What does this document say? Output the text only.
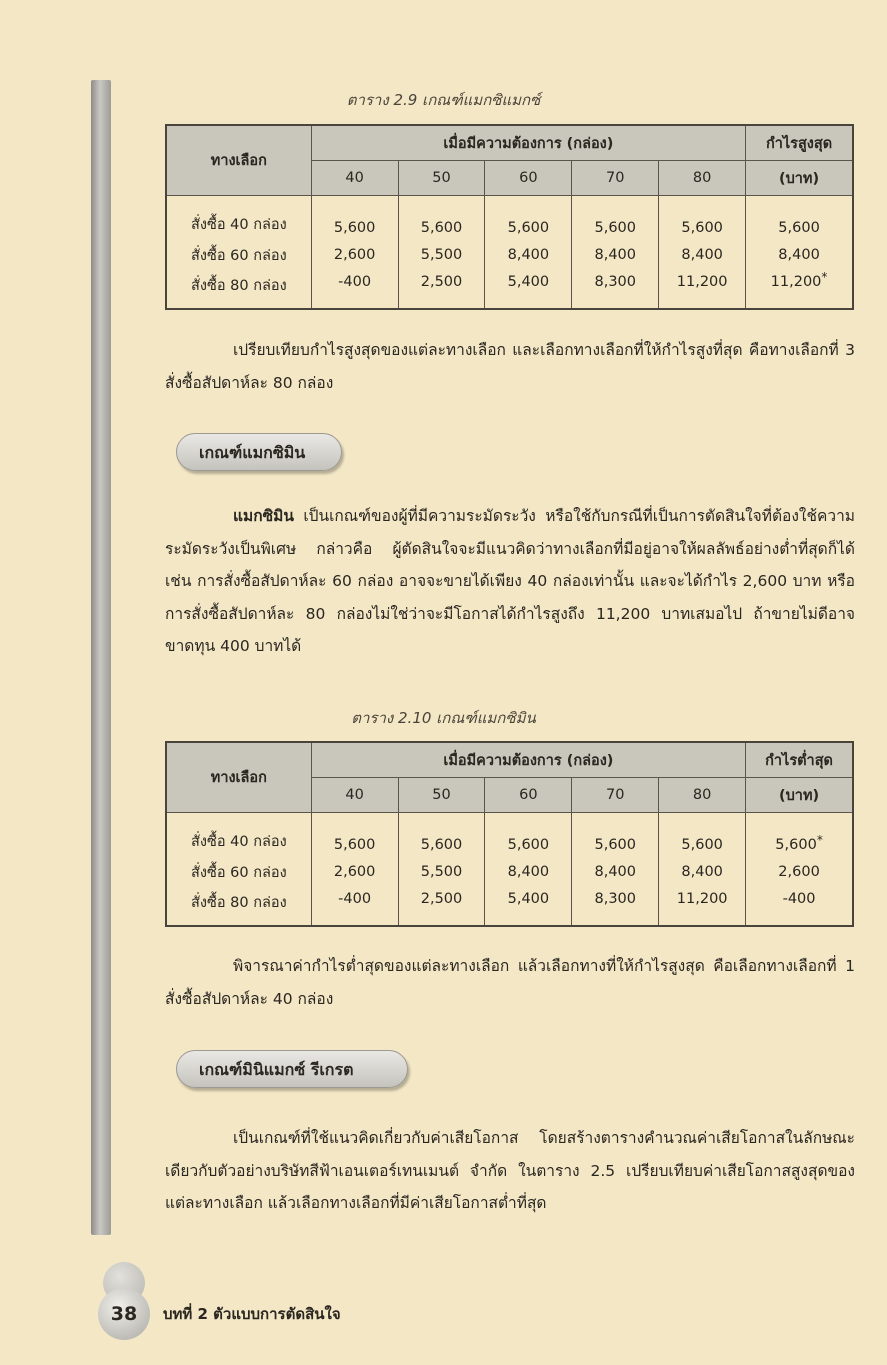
ตาราง 2.9 เกณฑ์แมกซิแมกซ์
ทางเลือก	เมื่อมีความต้องการ (กล่อง)					กำไรสูงสุด
	40	50	60	70	80	(บาท)
สั่งซื้อ 40 กล่อง	5,600	5,600	5,600	5,600	5,600	5,600
สั่งซื้อ 60 กล่อง	2,600	5,500	8,400	8,400	8,400	8,400
สั่งซื้อ 80 กล่อง	-400	2,500	5,400	8,300	11,200	11,200*
เปรียบเทียบกำไรสูงสุดของแต่ละทางเลือก และเลือกทางเลือกที่ให้กำไรสูงที่สุด คือทางเลือกที่ 3 สั่งซื้อสัปดาห์ละ 80 กล่อง
เกณฑ์แมกซิมิน
แมกซิมิน เป็นเกณฑ์ของผู้ที่มีความระมัดระวัง หรือใช้กับกรณีที่เป็นการตัดสินใจที่ต้องใช้ความระมัดระวังเป็นพิเศษ กล่าวคือ ผู้ตัดสินใจจะมีแนวคิดว่าทางเลือกที่มีอยู่อาจให้ผลลัพธ์อย่างต่ำที่สุดก็ได้ เช่น การสั่งซื้อสัปดาห์ละ 60 กล่อง อาจจะขายได้เพียง 40 กล่องเท่านั้น และจะได้กำไร 2,600 บาท หรือการสั่งซื้อสัปดาห์ละ 80 กล่องไม่ใช่ว่าจะมีโอกาสได้กำไรสูงถึง 11,200 บาทเสมอไป ถ้าขายไม่ดีอาจขาดทุน 400 บาทได้
ตาราง 2.10 เกณฑ์แมกซิมิน
ทางเลือก	เมื่อมีความต้องการ (กล่อง)					กำไรต่ำสุด
	40	50	60	70	80	(บาท)
สั่งซื้อ 40 กล่อง	5,600	5,600	5,600	5,600	5,600	5,600*
สั่งซื้อ 60 กล่อง	2,600	5,500	8,400	8,400	8,400	2,600
สั่งซื้อ 80 กล่อง	-400	2,500	5,400	8,300	11,200	-400
พิจารณาค่ากำไรต่ำสุดของแต่ละทางเลือก แล้วเลือกทางที่ให้กำไรสูงสุด คือเลือกทางเลือกที่ 1 สั่งซื้อสัปดาห์ละ 40 กล่อง
เกณฑ์มินิแมกซ์ รีเกรต
เป็นเกณฑ์ที่ใช้แนวคิดเกี่ยวกับค่าเสียโอกาส โดยสร้างตารางคำนวณค่าเสียโอกาสในลักษณะเดียวกับตัวอย่างบริษัทสีฟ้าเอนเตอร์เทนเมนต์ จำกัด ในตาราง 2.5 เปรียบเทียบค่าเสียโอกาสสูงสุดของแต่ละทางเลือก แล้วเลือกทางเลือกที่มีค่าเสียโอกาสต่ำที่สุด
38	บทที่ 2 ตัวแบบการตัดสินใจ
